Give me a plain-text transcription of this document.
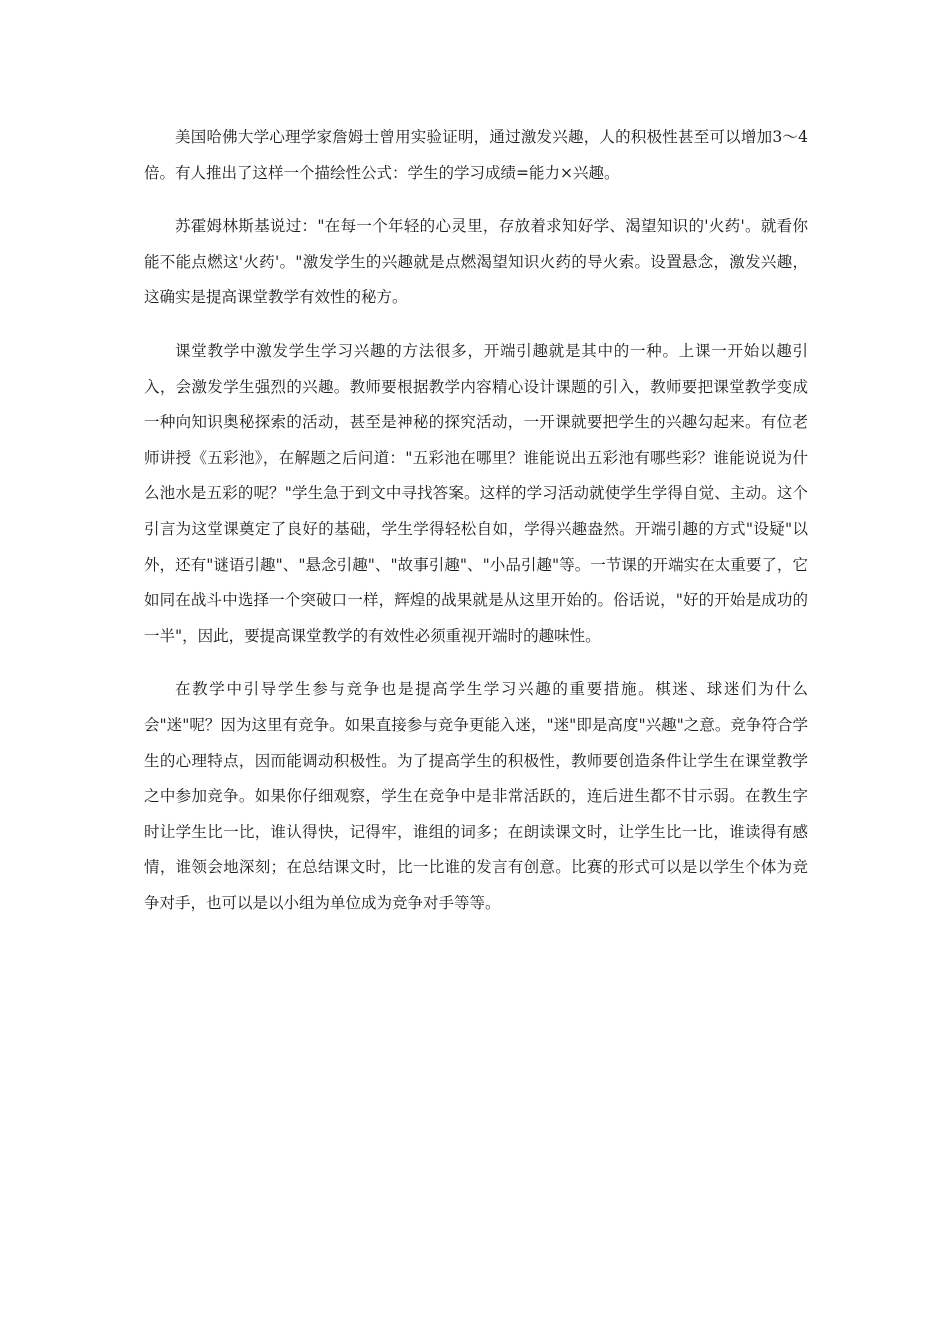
美国哈佛大学心理学家詹姆士曾用实验证明，通过激发兴趣，人的积极性甚至可以增加3～4倍。有人推出了这样一个描绘性公式：学生的学习成绩=能力×兴趣。

苏霍姆林斯基说过："在每一个年轻的心灵里，存放着求知好学、渴望知识的'火药'。就看你能不能点燃这'火药'。"激发学生的兴趣就是点燃渴望知识火药的导火索。设置悬念，激发兴趣，这确实是提高课堂教学有效性的秘方。

课堂教学中激发学生学习兴趣的方法很多，开端引趣就是其中的一种。上课一开始以趣引入，会激发学生强烈的兴趣。教师要根据教学内容精心设计课题的引入，教师要把课堂教学变成一种向知识奥秘探索的活动，甚至是神秘的探究活动，一开课就要把学生的兴趣勾起来。有位老师讲授《五彩池》，在解题之后问道："五彩池在哪里？谁能说出五彩池有哪些彩？谁能说说为什么池水是五彩的呢？"学生急于到文中寻找答案。这样的学习活动就使学生学得自觉、主动。这个引言为这堂课奠定了良好的基础，学生学得轻松自如，学得兴趣盎然。开端引趣的方式"设疑"以外，还有"谜语引趣"、"悬念引趣"、"故事引趣"、"小品引趣"等。一节课的开端实在太重要了，它如同在战斗中选择一个突破口一样，辉煌的战果就是从这里开始的。俗话说，"好的开始是成功的一半"，因此，要提高课堂教学的有效性必须重视开端时的趣味性。

在教学中引导学生参与竞争也是提高学生学习兴趣的重要措施。棋迷、球迷们为什么会"迷"呢？因为这里有竞争。如果直接参与竞争更能入迷，"迷"即是高度"兴趣"之意。竞争符合学生的心理特点，因而能调动积极性。为了提高学生的积极性，教师要创造条件让学生在课堂教学之中参加竞争。如果你仔细观察，学生在竞争中是非常活跃的，连后进生都不甘示弱。在教生字时让学生比一比，谁认得快，记得牢，谁组的词多；在朗读课文时，让学生比一比，谁读得有感情，谁领会地深刻；在总结课文时，比一比谁的发言有创意。比赛的形式可以是以学生个体为竞争对手，也可以是以小组为单位成为竞争对手等等。
